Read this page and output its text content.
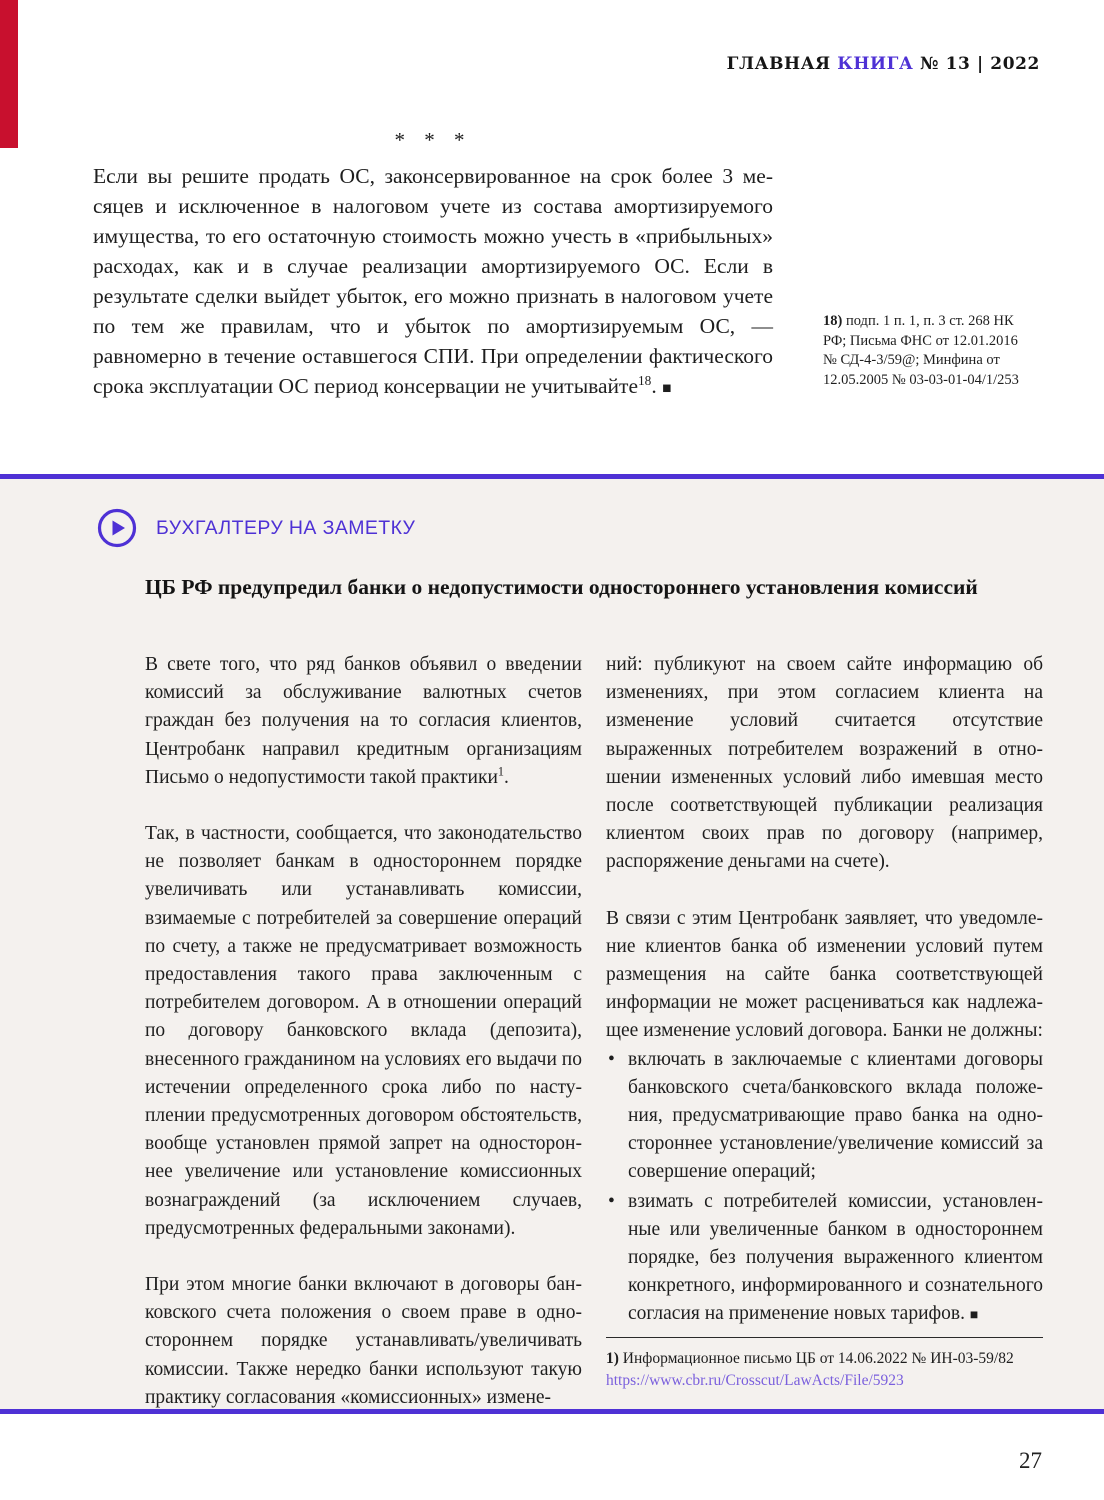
ГЛАВНАЯ КНИГА № 13 | 2022
* * *
Если вы решите продать ОС, законсервированное на срок более 3 месяцев и исключенное в налоговом учете из состава амортизируемого имущества, то его остаточную стоимость можно учесть в «прибыльных» расходах, как и в случае реализации амортизируемого ОС. Если в результате сделки выйдет убыток, его можно признать в налоговом учете по тем же правилам, что и убыток по амортизируемым ОС, — равномерно в течение оставшегося СПИ. При определении фактического срока эксплуатации ОС период консервации не учитывайте$^{18}$. ■
18) подп. 1 п. 1, п. 3 ст. 268 НК РФ; Письма ФНС от 12.01.2016 № СД-4-3/59@; Минфина от 12.05.2005 № 03-03-01-04/1/253
БУХГАЛТЕРУ НА ЗАМЕТКУ
ЦБ РФ предупредил банки о недопустимости одностороннего установления комиссий

В свете того, что ряд банков объявил о введении комиссий за обслуживание валютных счетов граждан без получения на то согласия клиентов, Центробанк направил кредитным организациям Письмо о недопустимости такой практики$^1$.

Так, в частности, сообщается, что законодательство не позволяет банкам в одностороннем порядке увеличивать или устанавливать комиссии, взимаемые с потребителей за совершение операций по счету, а также не предусматривает возможность предоставления такого права заключенным с потребителем договором. А в отношении операций по договору банковского вклада (депозита), внесенного гражданином на условиях его выдачи по истечении определенного срока либо по наступлении предусмотренных договором обстоятельств, вообще установлен прямой запрет на одностороннее увеличение или установление комиссионных вознаграждений (за исключением случаев, предусмотренных федеральными законами).

При этом многие банки включают в договоры банковского счета положения о своем праве в одностороннем порядке устанавливать/увеличивать комиссии. Также нередко банки используют такую практику согласования «комиссионных» измене-

ний: публикуют на своем сайте информацию об изменениях, при этом согласием клиента на изменение условий считается отсутствие выраженных потребителем возражений в отношении измененных условий либо имевшая место после соответствующей публикации реализация клиентом своих прав по договору (например, распоряжение деньгами на счете).

В связи с этим Центробанк заявляет, что уведомление клиентов банка об изменении условий путем размещения на сайте банка соответствующей информации не может расцениваться как надлежащее изменение условий договора. Банки не должны:

• включать в заключаемые с клиентами договоры банковского счета/банковского вклада положения, предусматривающие право банка на одностороннее установление/увеличение комиссий за совершение операций;
• взимать с потребителей комиссии, установленные или увеличенные банком в одностороннем порядке, без получения выраженного клиентом конкретного, информированного и сознательного согласия на применение новых тарифов. ■
1) Информационное письмо ЦБ от 14.06.2022 № ИН-03-59/82
https://www.cbr.ru/Crosscut/LawActs/File/5923
27
